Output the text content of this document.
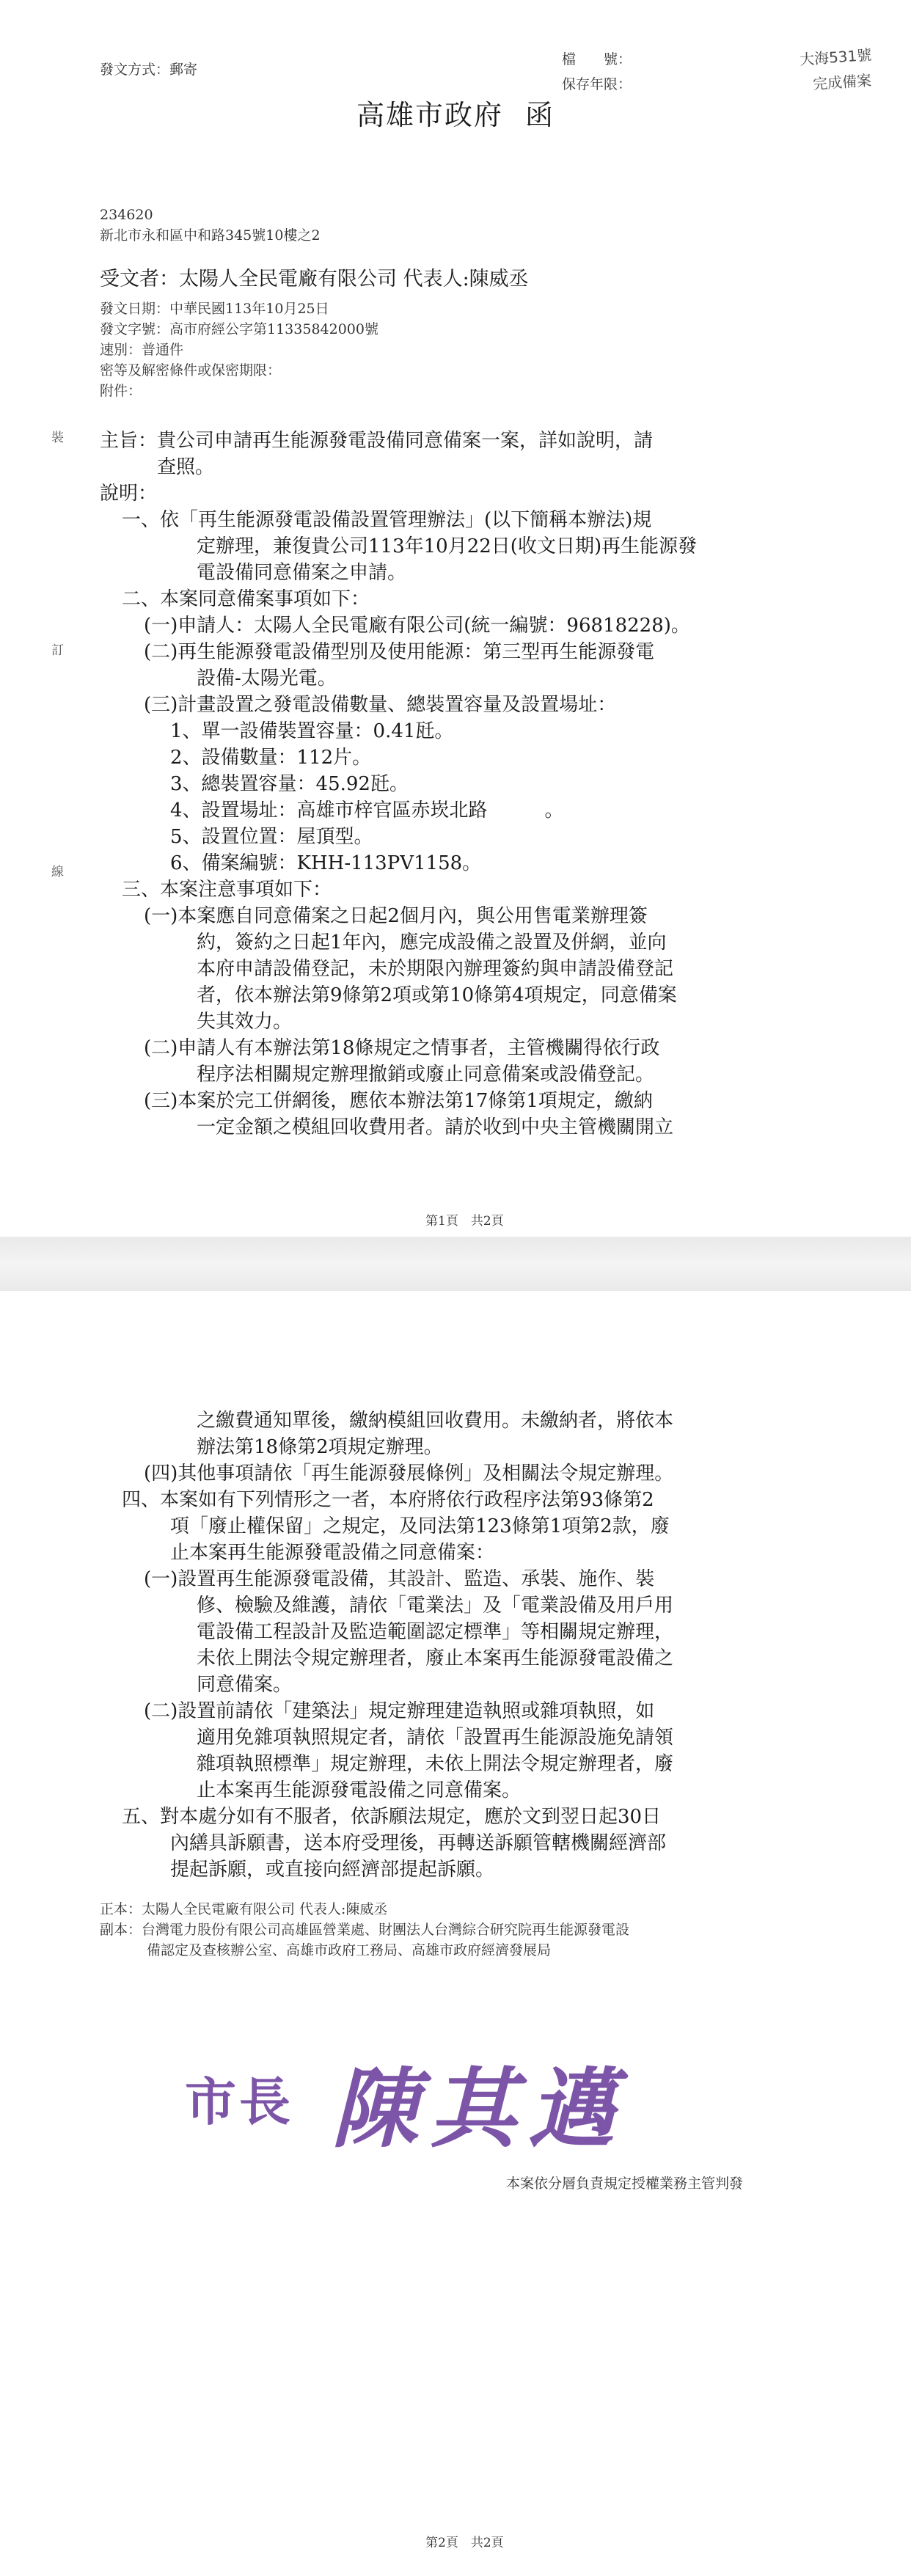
發文方式：郵寄
檔　　號：
保存年限：
大海531號
完成備案
高雄市政府 函
234620
新北市永和區中和路345號10樓之2
受文者：太陽人全民電廠有限公司 代表人:陳威丞
發文日期：中華民國113年10月25日
發文字號：高市府經公字第11335842000號
速別：普通件
密等及解密條件或保密期限：
附件：
裝
訂
線
主旨：貴公司申請再生能源發電設備同意備案一案，詳如說明，請
查照。
說明：
一、依「再生能源發電設備設置管理辦法」(以下簡稱本辦法)規
定辦理，兼復貴公司113年10月22日(收文日期)再生能源發
電設備同意備案之申請。
二、本案同意備案事項如下：
(一)申請人：太陽人全民電廠有限公司(統一編號：96818228)。
(二)再生能源發電設備型別及使用能源：第三型再生能源發電
設備-太陽光電。
(三)計畫設置之發電設備數量、總裝置容量及設置場址：
1、單一設備裝置容量：0.41瓩。
2、設備數量：112片。
3、總裝置容量：45.92瓩。
4、設置場址：高雄市梓官區赤崁北路　　　。
5、設置位置：屋頂型。
6、備案編號：KHH-113PV1158。
三、本案注意事項如下：
(一)本案應自同意備案之日起2個月內，與公用售電業辦理簽
約，簽約之日起1年內，應完成設備之設置及併網，並向
本府申請設備登記，未於期限內辦理簽約與申請設備登記
者，依本辦法第9條第2項或第10條第4項規定，同意備案
失其效力。
(二)申請人有本辦法第18條規定之情事者，主管機關得依行政
程序法相關規定辦理撤銷或廢止同意備案或設備登記。
(三)本案於完工併網後，應依本辦法第17條第1項規定，繳納
一定金額之模組回收費用者。請於收到中央主管機關開立
第1頁　共2頁
之繳費通知單後，繳納模組回收費用。未繳納者，將依本
辦法第18條第2項規定辦理。
(四)其他事項請依「再生能源發展條例」及相關法令規定辦理。
四、本案如有下列情形之一者，本府將依行政程序法第93條第2
項「廢止權保留」之規定，及同法第123條第1項第2款，廢
止本案再生能源發電設備之同意備案：
(一)設置再生能源發電設備，其設計、監造、承裝、施作、裝
修、檢驗及維護，請依「電業法」及「電業設備及用戶用
電設備工程設計及監造範圍認定標準」等相關規定辦理，
未依上開法令規定辦理者，廢止本案再生能源發電設備之
同意備案。
(二)設置前請依「建築法」規定辦理建造執照或雜項執照，如
適用免雜項執照規定者，請依「設置再生能源設施免請領
雜項執照標準」規定辦理，未依上開法令規定辦理者，廢
止本案再生能源發電設備之同意備案。
五、對本處分如有不服者，依訴願法規定，應於文到翌日起30日
內繕具訴願書，送本府受理後，再轉送訴願管轄機關經濟部
提起訴願，或直接向經濟部提起訴願。
正本：太陽人全民電廠有限公司 代表人:陳威丞
副本：台灣電力股份有限公司高雄區營業處、財團法人台灣綜合研究院再生能源發電設
備認定及查核辦公室、高雄市政府工務局、高雄市政府經濟發展局
市長 陳其邁
本案依分層負責規定授權業務主管判發
第2頁　共2頁
